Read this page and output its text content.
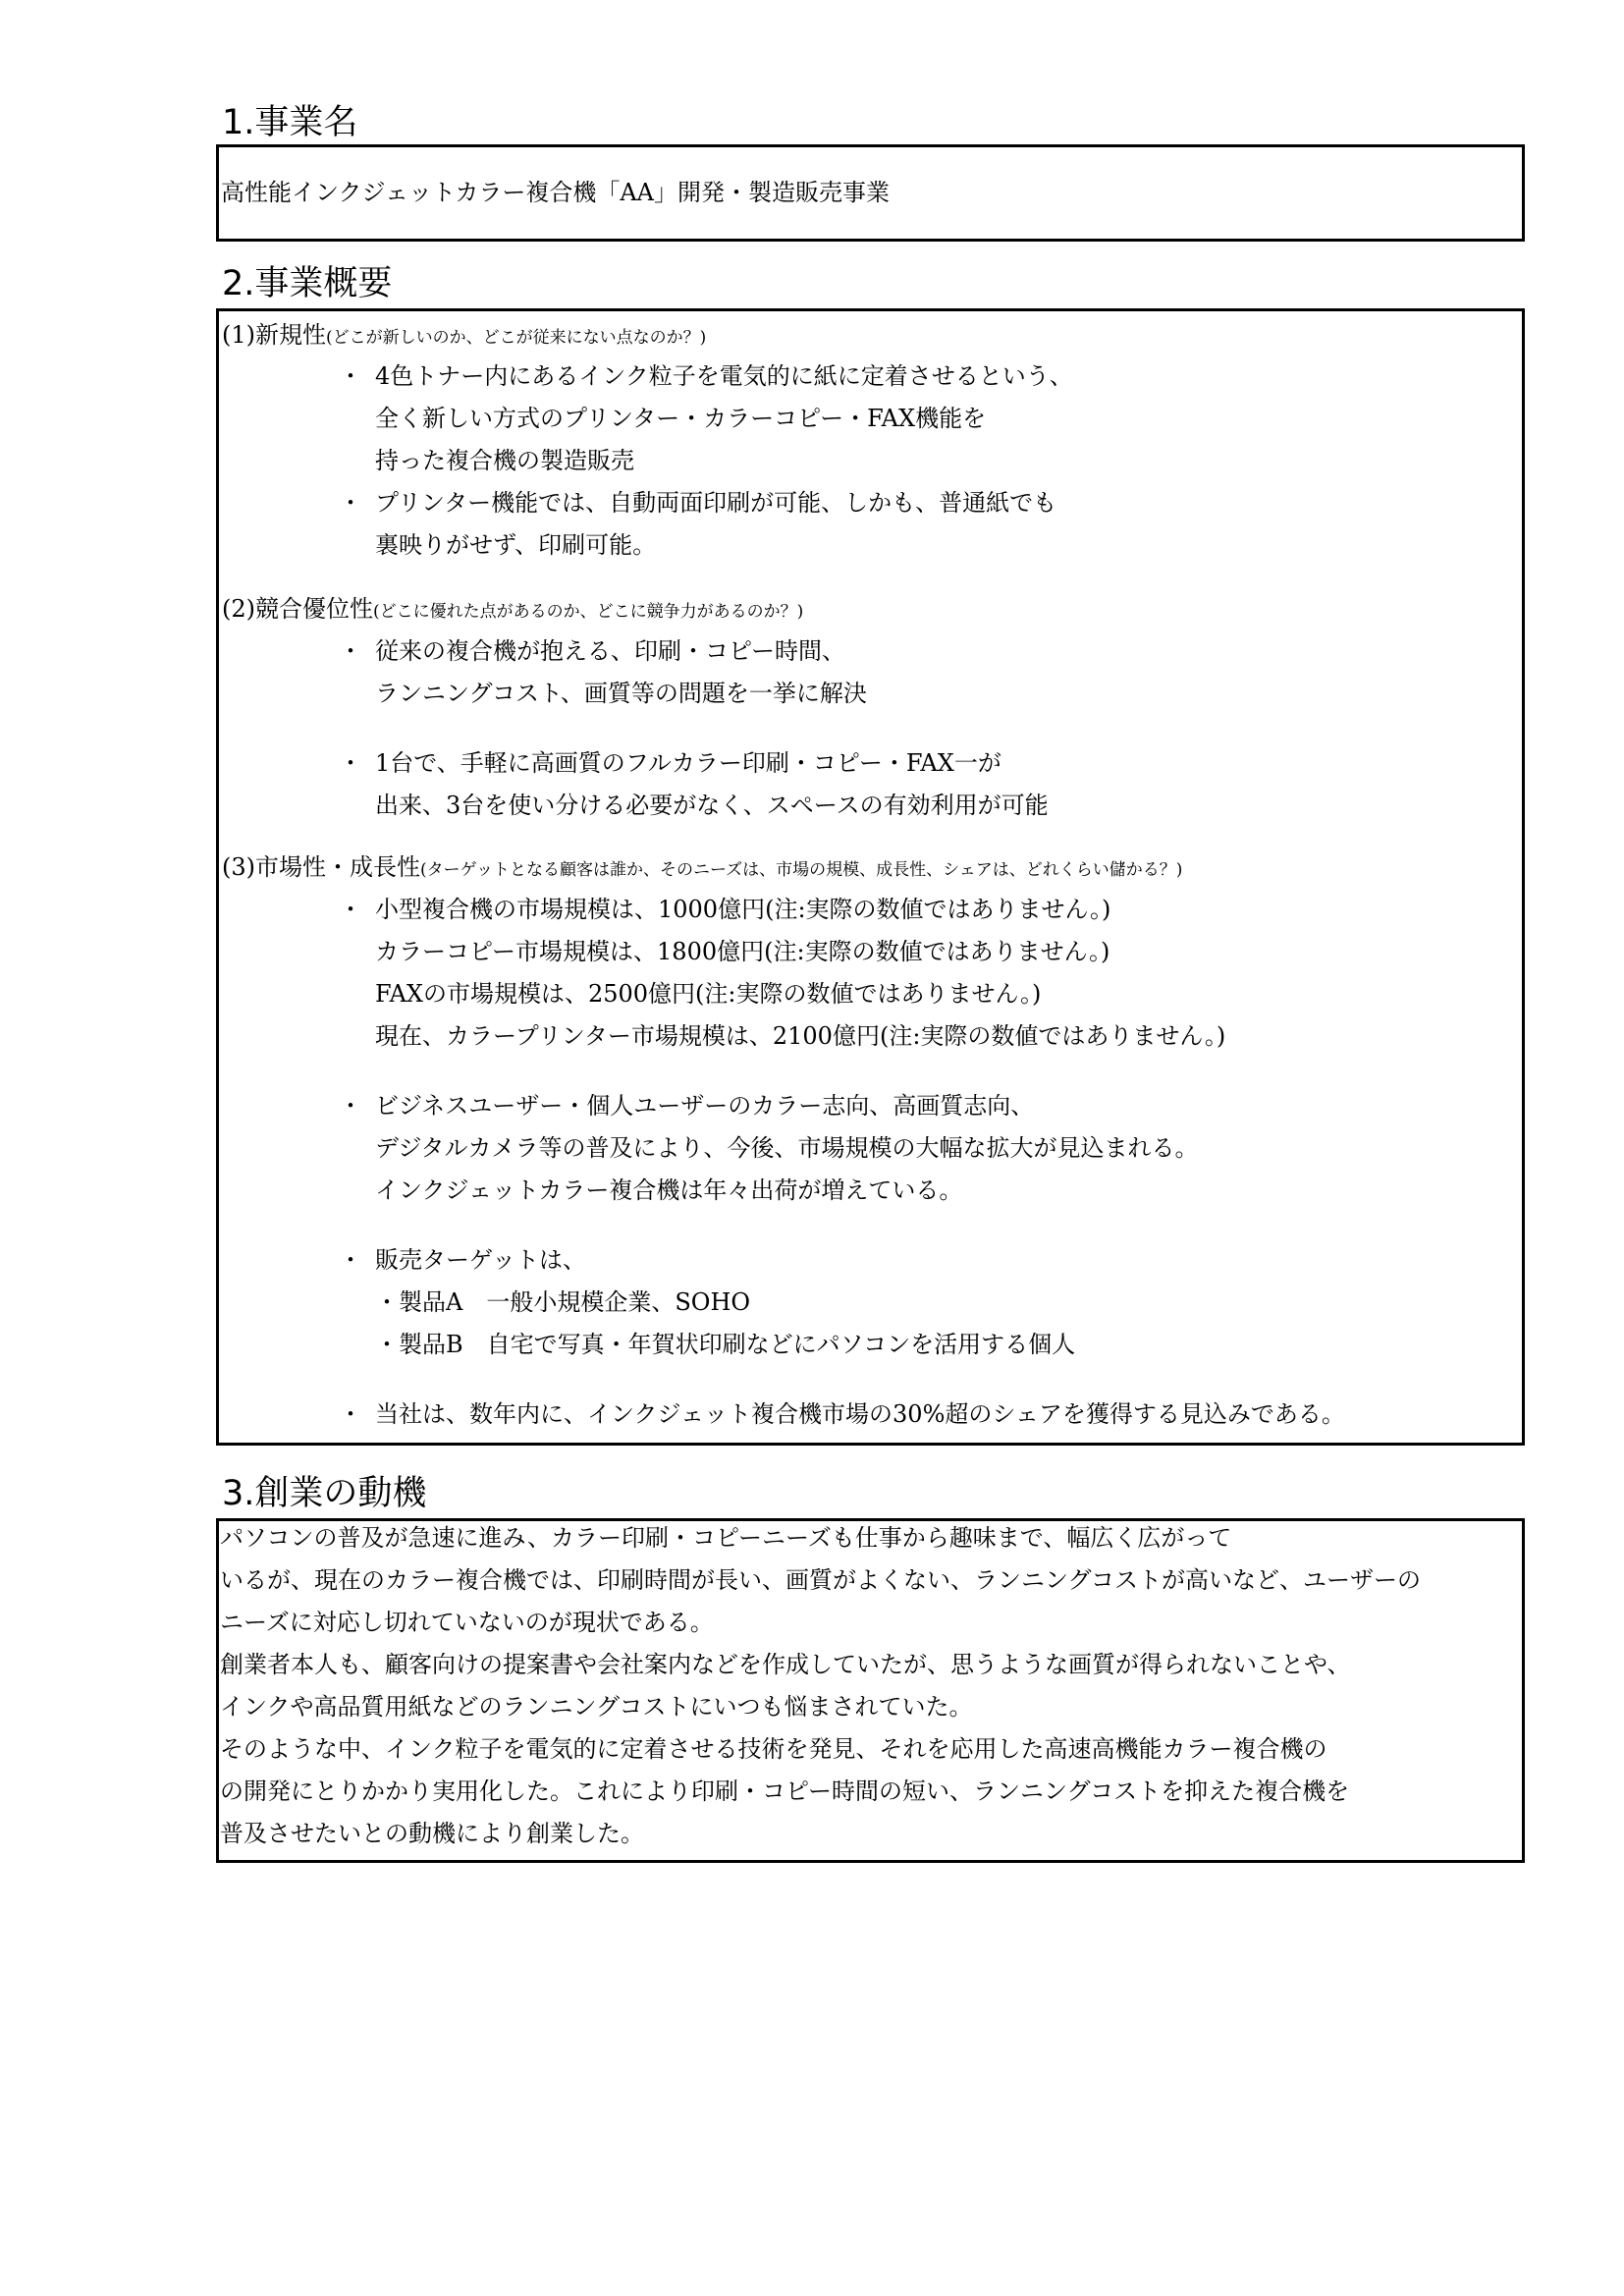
1.事業名
高性能インクジェットカラー複合機「AA」開発・製造販売事業
2.事業概要
(1)新規性(どこが新しいのか、どこが従来にない点なのか？)
・ 4色トナー内にあるインク粒子を電気的に紙に定着させるという、
全く新しい方式のプリンター・カラーコピー・FAX機能を
持った複合機の製造販売
・ プリンター機能では、自動両面印刷が可能、しかも、普通紙でも
裏映りがせず、印刷可能。
(2)競合優位性(どこに優れた点があるのか、どこに競争力があるのか？)
・ 従来の複合機が抱える、印刷・コピー時間、
ランニングコスト、画質等の問題を一挙に解決
・ 1台で、手軽に高画質のフルカラー印刷・コピー・FAX一が
出来、3台を使い分ける必要がなく、スペースの有効利用が可能
(3)市場性・成長性(ターゲットとなる顧客は誰か、そのニーズは、市場の規模、成長性、シェアは、どれくらい儲かる？)
・ 小型複合機の市場規模は、1000億円(注:実際の数値ではありません。)
カラーコピー市場規模は、1800億円(注:実際の数値ではありません。)
FAXの市場規模は、2500億円(注:実際の数値ではありません。)
現在、カラープリンター市場規模は、2100億円(注:実際の数値ではありません。)
・ ビジネスユーザー・個人ユーザーのカラー志向、高画質志向、
デジタルカメラ等の普及により、今後、市場規模の大幅な拡大が見込まれる。
インクジェットカラー複合機は年々出荷が増えている。
・ 販売ターゲットは、
・製品A　一般小規模企業、SOHO
・製品B　自宅で写真・年賀状印刷などにパソコンを活用する個人
・ 当社は、数年内に、インクジェット複合機市場の30%超のシェアを獲得する見込みである。
3.創業の動機
パソコンの普及が急速に進み、カラー印刷・コピーニーズも仕事から趣味まで、幅広く広がって
いるが、現在のカラー複合機では、印刷時間が長い、画質がよくない、ランニングコストが高いなど、ユーザーの
ニーズに対応し切れていないのが現状である。
創業者本人も、顧客向けの提案書や会社案内などを作成していたが、思うような画質が得られないことや、
インクや高品質用紙などのランニングコストにいつも悩まされていた。
そのような中、インク粒子を電気的に定着させる技術を発見、それを応用した高速高機能カラー複合機の
の開発にとりかかり実用化した。これにより印刷・コピー時間の短い、ランニングコストを抑えた複合機を
普及させたいとの動機により創業した。
